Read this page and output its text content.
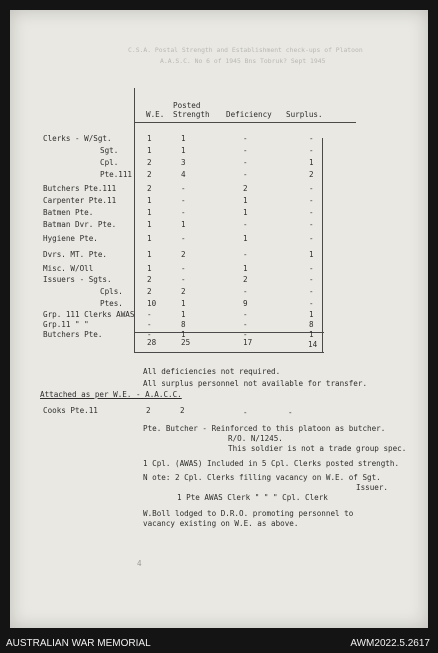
C.S.A. Postal Strength and Establishment check-ups of Platoon
A.A.S.C. No 6 of 1945 Bns Tobruk? Sept 1945
W.E.
Posted
Strength Deficiency Surplus.
Clerks - W/Sgt.	1	1	-	-
Sgt.	1	1	-	-
Cpl.	2	3	-	1
Pte.111 2	4	-	2
Butchers Pte.111	2	-	2	-
Carpenter Pte.11	1	-	1	-
Batmen Pte.	1	-	1	-
Batman Dvr. Pte.	1	1	-	-
Hygiene Pte.	1	-	1	-
Dvrs. MT. Pte.	1	2	-	1
Misc. W/Oll	1	-	1	-
Issuers - Sgts.	2	-	2	-
Cpls.	2	2	-	-
Ptes.	10	1	9	-
Grp. 111 Clerks AWAS -	1	-	1
Grp.11 " "	-	8	-	8
Butchers Pte.	-	1	-	1
28	25	17	14
All deficiencies not required.
All surplus personnel not available for transfer.
Attached as per W.E. - A.A.C.C.
Cooks Pte.11	2	2	-	-
Pte. Butcher - Reinforced to this platoon as butcher.
R/O. N/1245.
This soldier is not a trade group spec.
1 Cpl. (AWAS) Included in 5 Cpl. Clerks posted strength.
N ote: 2 Cpl. Clerks filling vacancy on W.E. of Sgt.
Issuer.
1 Pte AWAS Clerk " " " Cpl. Clerk
W.Boll lodged to D.R.O. promoting personnel to
vacancy existing on W.E. as above.
4
AUSTRALIAN WAR MEMORIAL	AWM2022.5.2617
